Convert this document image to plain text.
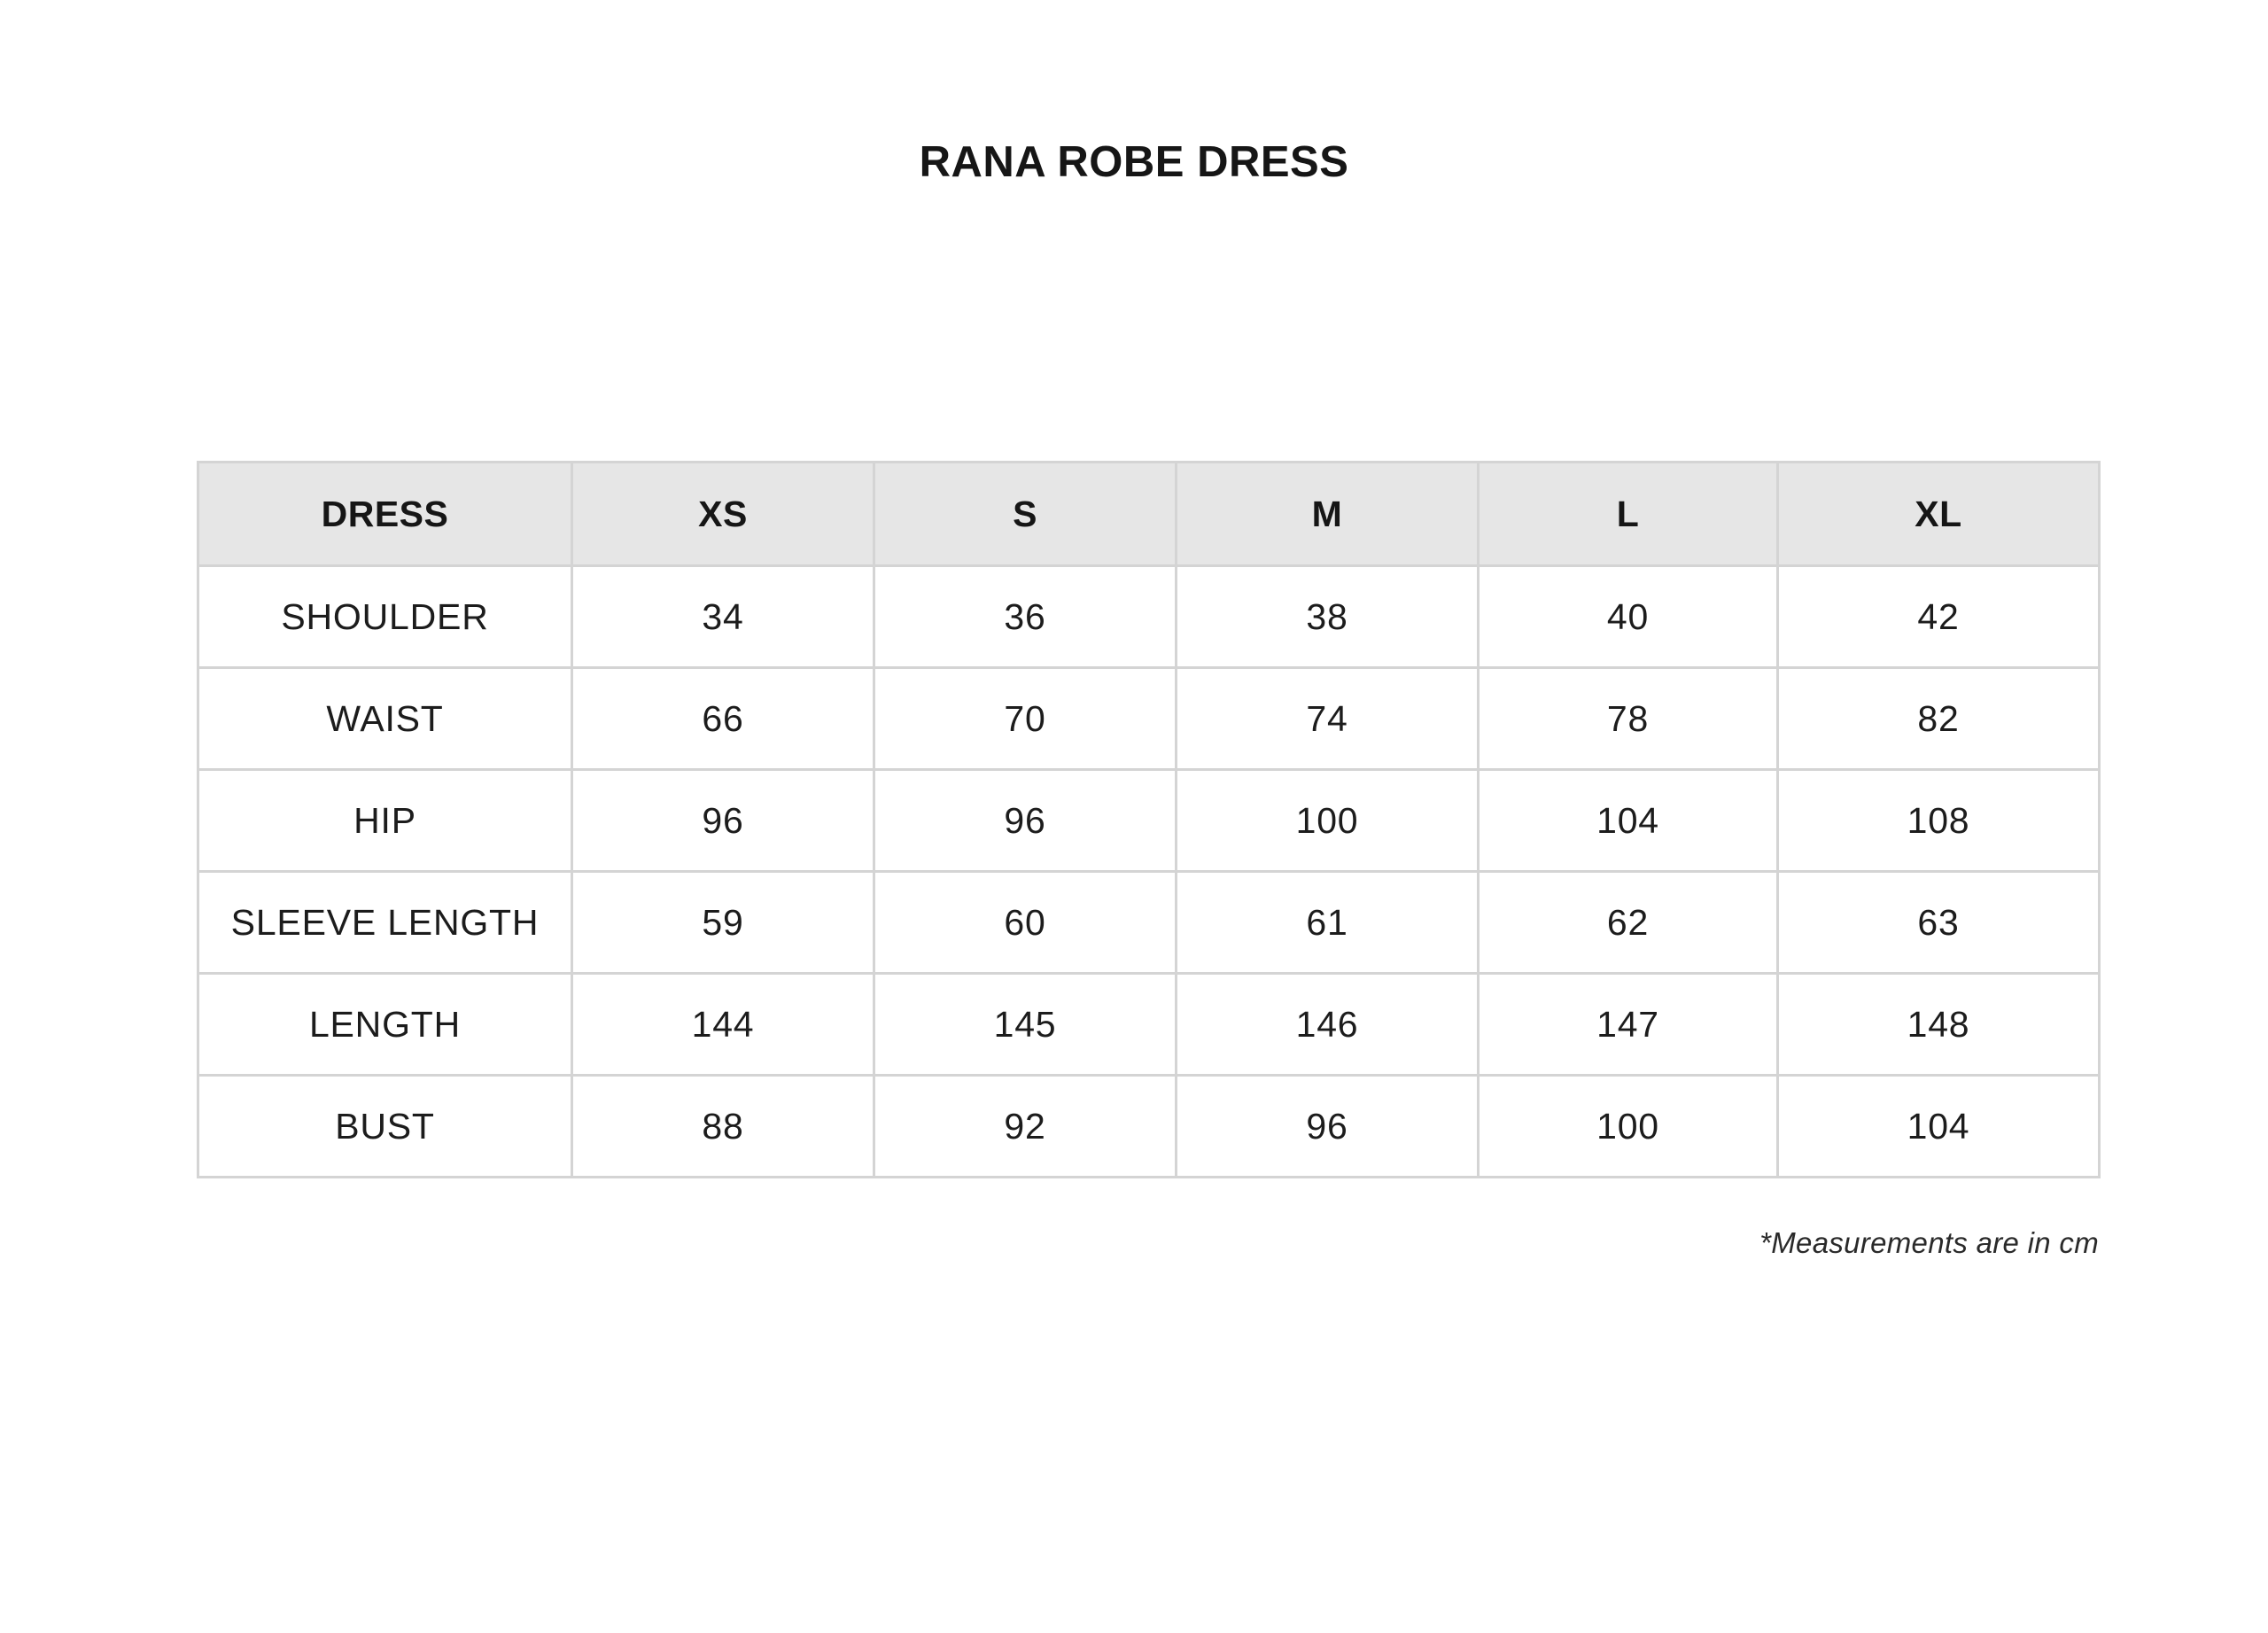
RANA ROBE DRESS
DRESS	XS	S	M	L	XL
SHOULDER	34	36	38	40	42
WAIST	66	70	74	78	82
HIP	96	96	100	104	108
SLEEVE LENGTH	59	60	61	62	63
LENGTH	144	145	146	147	148
BUST	88	92	96	100	104
*Measurements are in cm
